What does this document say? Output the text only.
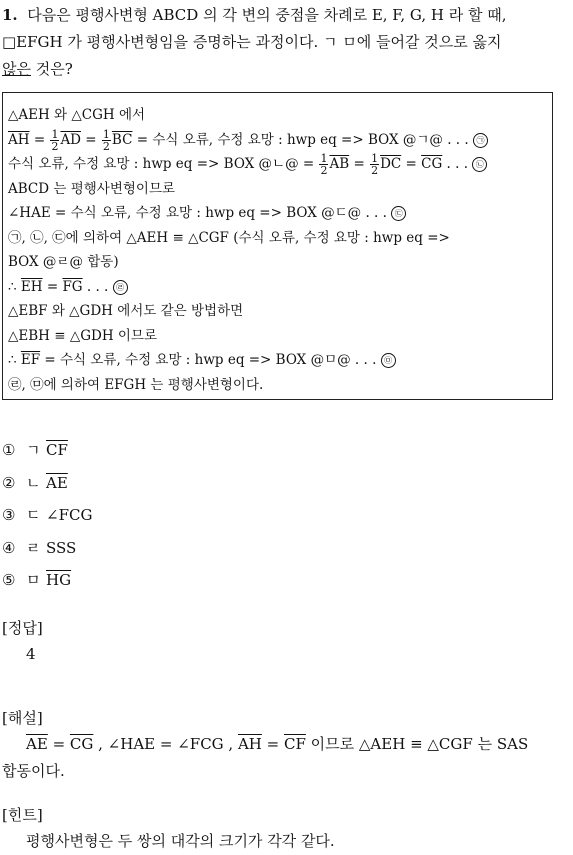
1. 다음은 평행사변형 ABCD 의 각 변의 중점을 차례로 E, F, G, H 라 할 때,
□EFGH 가 평행사변형임을 증명하는 과정이다. ㄱ ㅁ에 들어갈 것으로 옳지
않은 것은?
△AEH 와 △CGH 에서
$\overline{AH} = \frac{1}{2} \overline{AD} = \frac{1}{2} \overline{BC}$ = 수식 오류, 수정 요망 : hwp eq => BOX @ㄱ@ . . . ㉠
수식 오류, 수정 요망 : hwp eq => BOX @ㄴ@ = $\frac{1}{2} \overline{AB} = \frac{1}{2} \overline{DC} = \overline{CG}$ . . . ㉡
ABCD 는 평행사변형이므로
∠HAE = 수식 오류, 수정 요망 : hwp eq => BOX @ㄷ@ . . . ㉢
㉠, ㉡, ㉢에 의하여 △AEH ≡ △CGF (수식 오류, 수정 요망 : hwp eq =>
BOX @ㄹ@ 합동)
∴ $\overline{EH} = \overline{FG}$ . . . ㉣
△EBF 와 △GDH 에서도 같은 방법하면
△EBH ≡ △GDH 이므로
∴ $\overline{EF}$ = 수식 오류, 수정 요망 : hwp eq => BOX @ㅁ@ . . . ㉤
㉣, ㉤에 의하여 EFGH 는 평행사변형이다.
① ㄱ $\overline{CF}$
② ㄴ $\overline{AE}$
③ ㄷ ∠FCG
④ ㄹ SSS
⑤ ㅁ $\overline{HG}$
[정답]
4
[해설]
$\overline{AE} = \overline{CG}$ , ∠HAE = ∠FCG , $\overline{AH} = \overline{CF}$ 이므로 △AEH ≡ △CGF 는 SAS
합동이다.
[힌트]
평행사변형은 두 쌍의 대각의 크기가 각각 같다.
